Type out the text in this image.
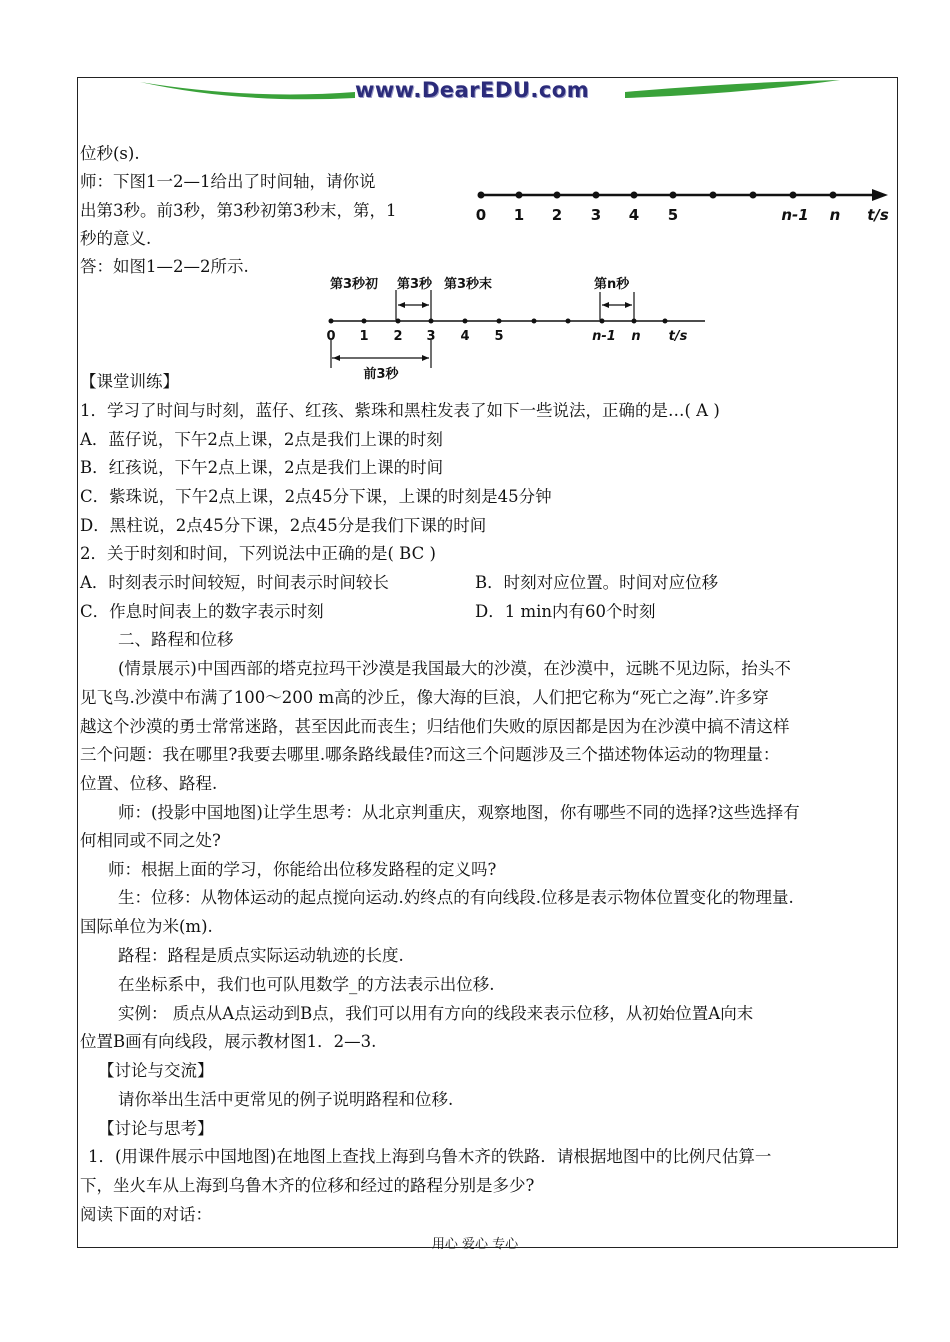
www.DearEDU.com
位秒(s).
师：下图1一2—1给出了时间轴，请你说
出第3秒。前3秒，第3秒初第3秒末，第，1
秒的意义.
答：如图1—2—2所示.
0 1 2 3 4 5	n-1 n t/s
第3秒初 第3秒 第3秒末	第n秒
0 1 2 3 4 5	n-1 n t/s
前3秒
【课堂训练】
1．学习了时间与时刻，蓝仔、红孩、紫珠和黑柱发表了如下一些说法，正确的是…( A )
A．蓝仔说，下午2点上课，2点是我们上课的时刻
B．红孩说，下午2点上课，2点是我们上课的时间
C．紫珠说，下午2点上课，2点45分下课，上课的时刻是45分钟
D．黑柱说，2点45分下课，2点45分是我们下课的时间
2．关于时刻和时间，下列说法中正确的是( BC )
A．时刻表示时间较短，时间表示时间较长	B．时刻对应位置。时间对应位移
C．作息时间表上的数字表示时刻	D．1 min内有60个时刻
二、路程和位移
(情景展示)中国西部的塔克拉玛干沙漠是我国最大的沙漠，在沙漠中，远眺不见边际，抬头不
见飞鸟.沙漠中布满了100～200 m高的沙丘，像大海的巨浪，人们把它称为“死亡之海”.许多穿
越这个沙漠的勇士常常迷路，甚至因此而丧生；归结他们失败的原因都是因为在沙漠中搞不清这样
三个问题：我在哪里?我要去哪里.哪条路线最佳?而这三个问题涉及三个描述物体运动的物理量：
位置、位移、路程.
师：(投影中国地图)让学生思考：从北京判重庆，观察地图，你有哪些不同的选择?这些选择有
何相同或不同之处?
师：根据上面的学习，你能给出位移发路程的定义吗?
生：位移：从物体运动的起点搅向运动.妁终点的有向线段.位移是表示物体位置变化的物理量.
国际单位为米(m).
路程：路程是质点实际运动轨迹的长度.
在坐标系中，我们也可队甩数学_的方法表示出位移.
实例： 质点从A点运动到B点，我们可以用有方向的线段来表示位移，从初始位置A向末
位置B画有向线段，展示教材图1．2—3.
【讨论与交流】
请你举出生活中更常见的例子说明路程和位移.
【讨论与思考】
1．(用课件展示中国地图)在地图上查找上海到乌鲁木齐的铁路．请根据地图中的比例尺估算一
下，坐火车从上海到乌鲁木齐的位移和经过的路程分别是多少?
阅读下面的对话：
用心 爱心 专心
